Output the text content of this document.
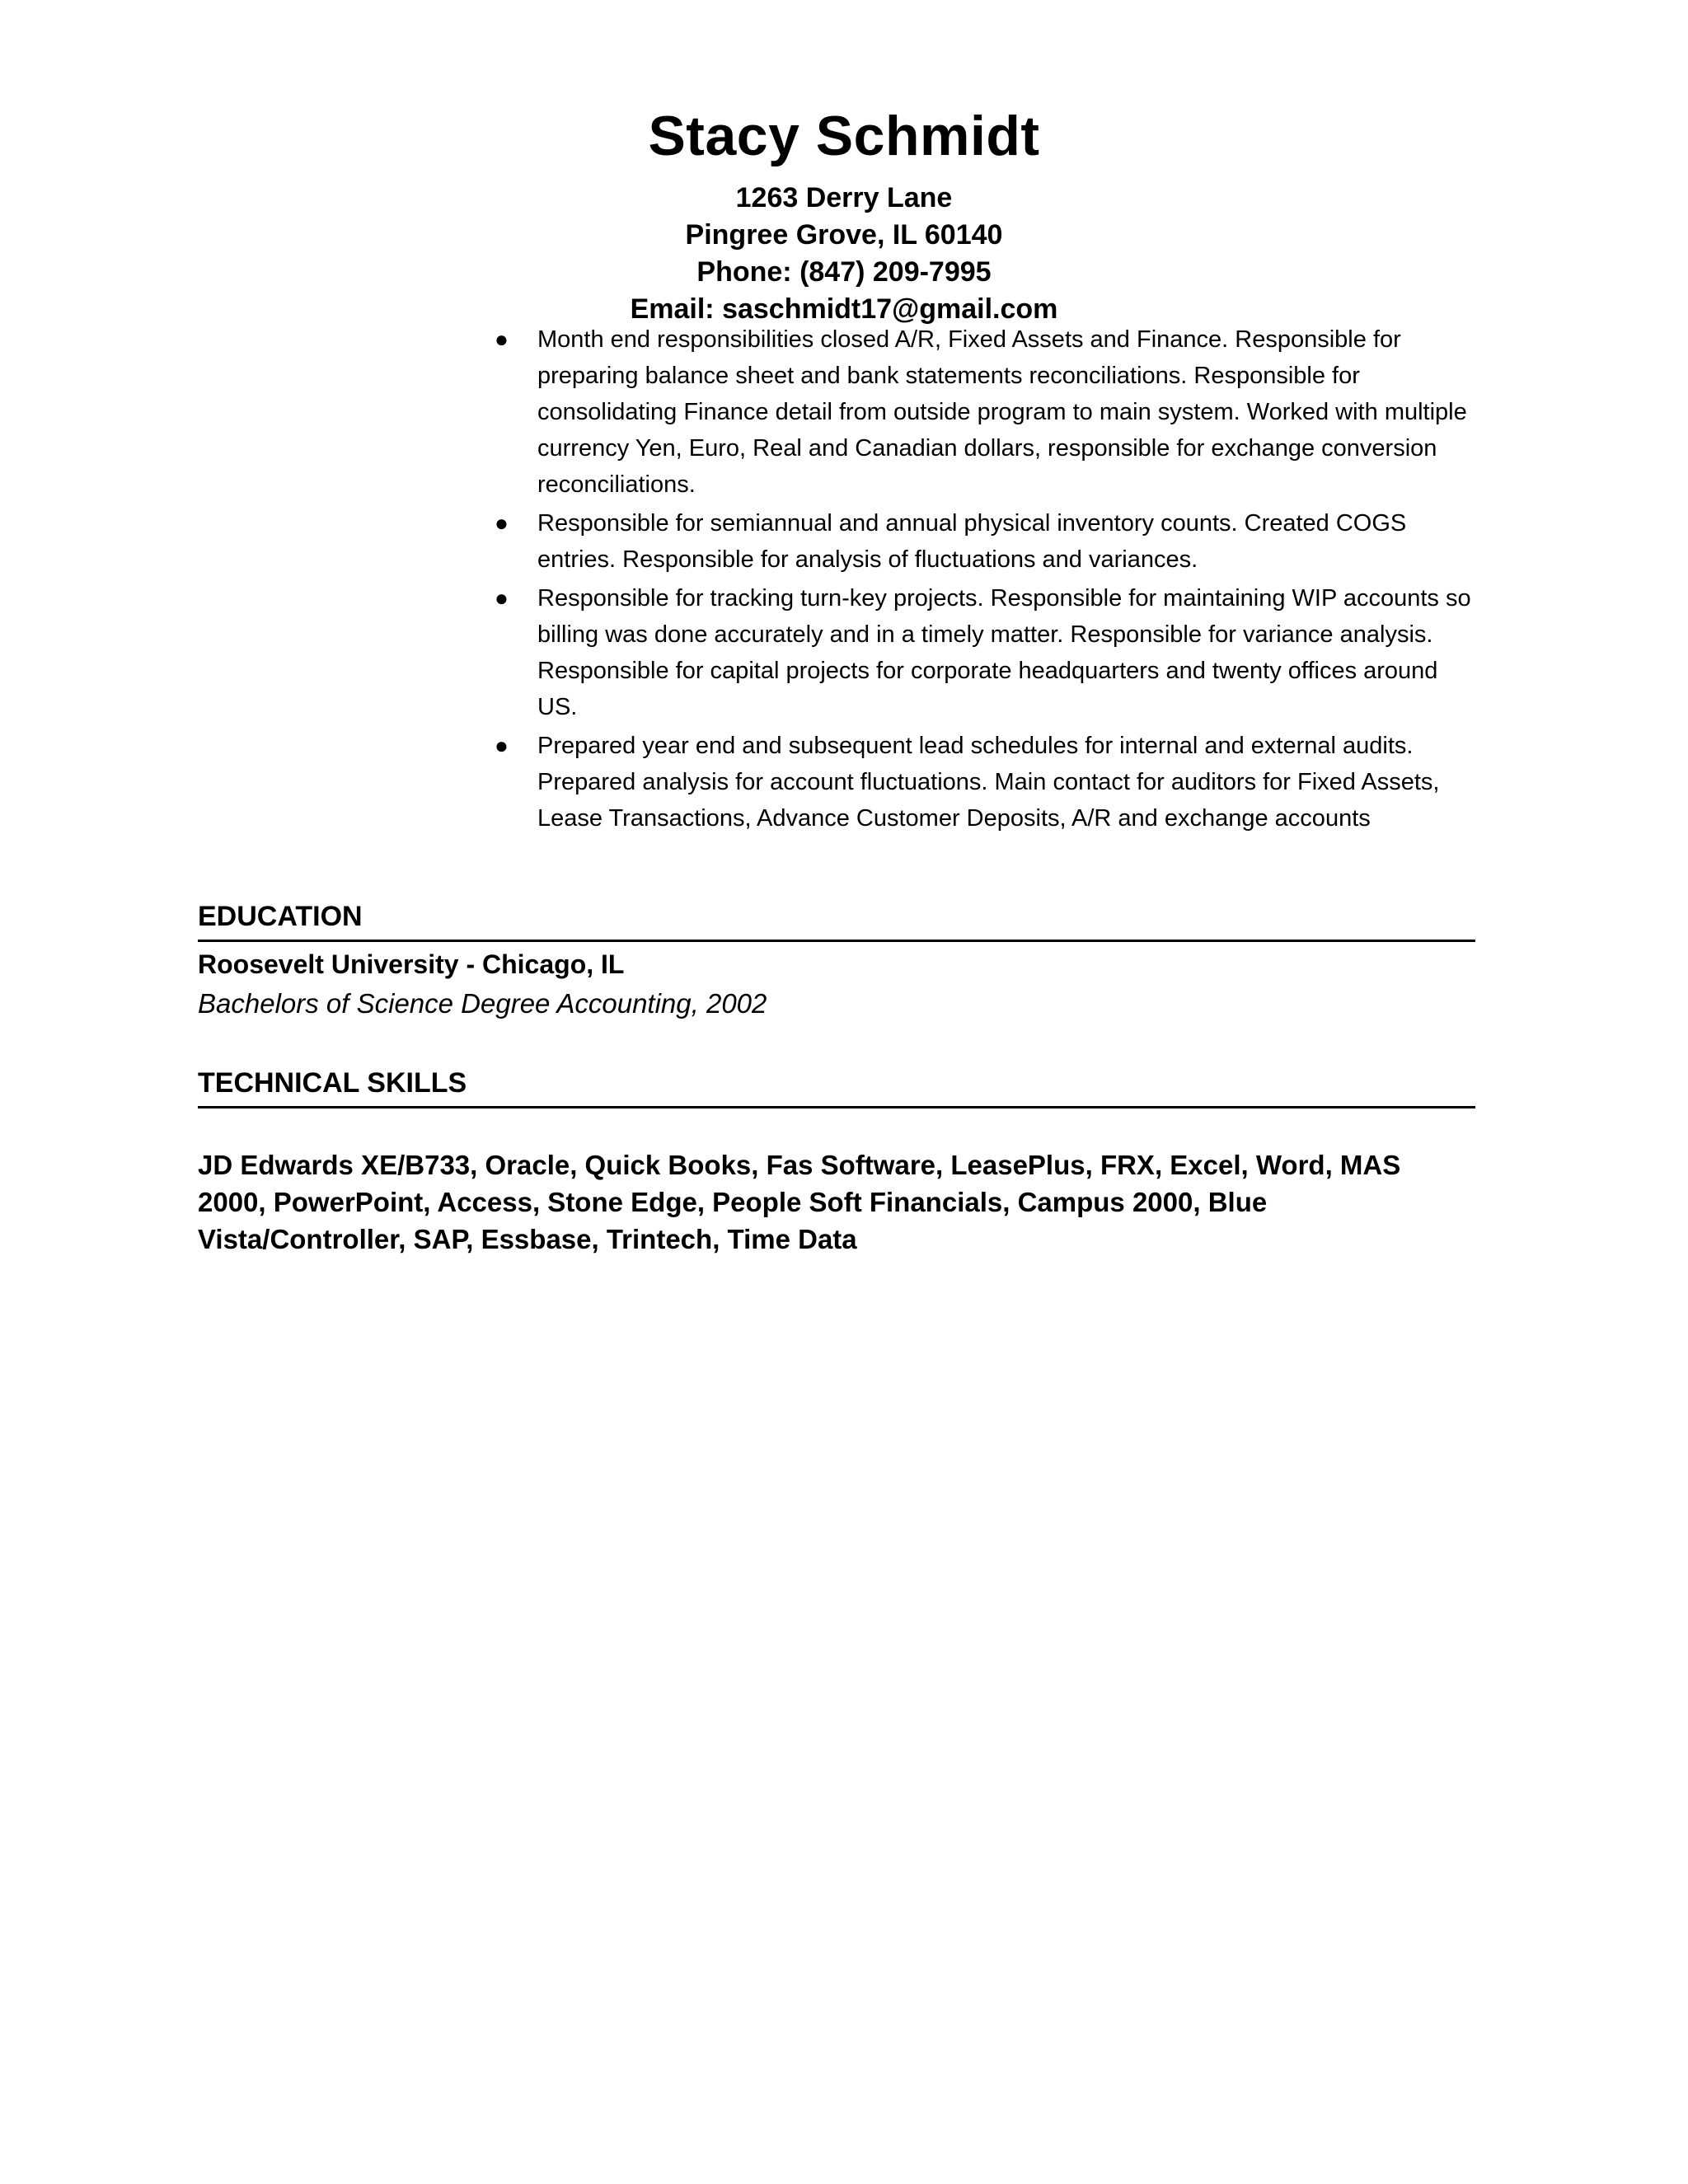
Stacy Schmidt
1263 Derry Lane
Pingree Grove, IL 60140
Phone: (847) 209-7995
Email: saschmidt17@gmail.com
● Month end responsibilities closed A/R, Fixed Assets and Finance. Responsible for preparing balance sheet and bank statements reconciliations. Responsible for consolidating Finance detail from outside program to main system. Worked with multiple currency Yen, Euro, Real and Canadian dollars, responsible for exchange conversion reconciliations.
● Responsible for semiannual and annual physical inventory counts. Created COGS entries. Responsible for analysis of fluctuations and variances.
● Responsible for tracking turn-key projects. Responsible for maintaining WIP accounts so billing was done accurately and in a timely matter. Responsible for variance analysis. Responsible for capital projects for corporate headquarters and twenty offices around US.
● Prepared year end and subsequent lead schedules for internal and external audits. Prepared analysis for account fluctuations. Main contact for auditors for Fixed Assets, Lease Transactions, Advance Customer Deposits, A/R and exchange accounts
EDUCATION
Roosevelt University - Chicago, IL
Bachelors of Science Degree Accounting, 2002
TECHNICAL SKILLS
JD Edwards XE/B733, Oracle, Quick Books, Fas Software, LeasePlus, FRX, Excel, Word, MAS 2000, PowerPoint, Access, Stone Edge, People Soft Financials, Campus 2000, Blue Vista/Controller, SAP, Essbase, Trintech, Time Data
